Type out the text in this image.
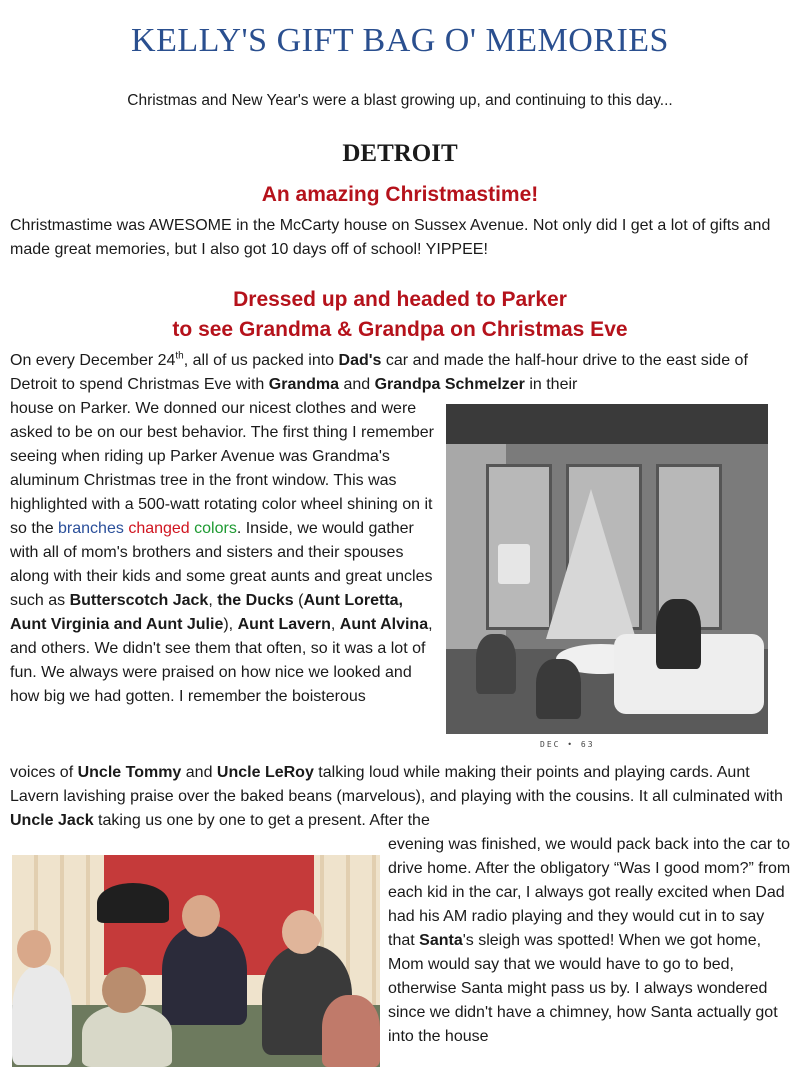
KELLY'S GIFT BAG O' MEMORIES
Christmas and New Year's were a blast growing up, and continuing to this day...
DETROIT
An amazing Christmastime!
Christmastime was AWESOME in the McCarty house on Sussex Avenue. Not only did I get a lot of gifts and made great memories, but I also got 10 days off of school! YIPPEE!
Dressed up and headed to Parker
to see Grandma & Grandpa on Christmas Eve
On every December 24th, all of us packed into Dad's car and made the half-hour drive to the east side of Detroit to spend Christmas Eve with Grandma and Grandpa Schmelzer in their
house on Parker. We donned our nicest clothes and were asked to be on our best behavior. The first thing I remember seeing when riding up Parker Avenue was Grandma's aluminum Christmas tree in the front window. This was highlighted with a 500-watt rotating color wheel shining on it so the branches changed colors. Inside, we would gather with all of mom's brothers and sisters and their spouses along with their kids and some great aunts and great uncles such as Butterscotch Jack, the Ducks (Aunt Loretta, Aunt Virginia and Aunt Julie), Aunt Lavern, Aunt Alvina, and others. We didn't see them that often, so it was a lot of fun. We always were praised on how nice we looked and how big we had gotten. I remember the boisterous
DEC • 63
voices of Uncle Tommy and Uncle LeRoy talking loud while making their points and playing cards. Aunt Lavern lavishing praise over the baked beans (marvelous), and playing with the cousins. It all culminated with Uncle Jack taking us one by one to get a present. After the
evening was finished, we would pack back into the car to drive home. After the obligatory “Was I good mom?” from each kid in the car, I always got really excited when Dad had his AM radio playing and they would cut in to say that Santa's sleigh was spotted! When we got home, Mom would say that we would have to go to bed, otherwise Santa might pass us by. I always wondered since we didn't have a chimney, how Santa actually got into the house
